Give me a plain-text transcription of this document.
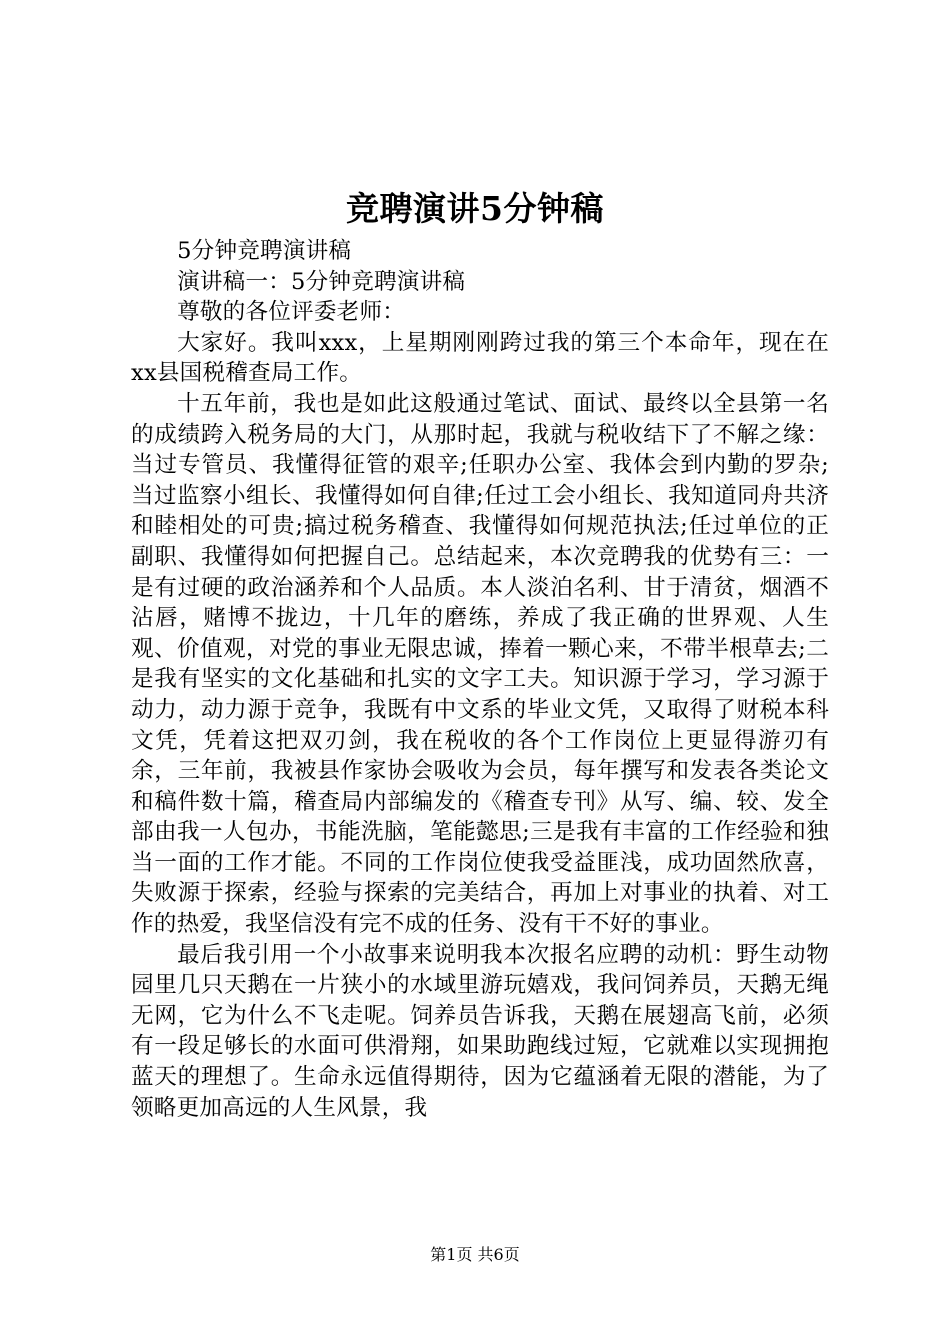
竞聘演讲5分钟稿

5分钟竞聘演讲稿

演讲稿一：5分钟竞聘演讲稿

尊敬的各位评委老师：

大家好。我叫xxx，上星期刚刚跨过我的第三个本命年，现在在xx县国税稽查局工作。

十五年前，我也是如此这般通过笔试、面试、最终以全县第一名的成绩跨入税务局的大门，从那时起，我就与税收结下了不解之缘：当过专管员、我懂得征管的艰辛;任职办公室、我体会到内勤的罗杂;当过监察小组长、我懂得如何自律;任过工会小组长、我知道同舟共济和睦相处的可贵;搞过税务稽查、我懂得如何规范执法;任过单位的正副职、我懂得如何把握自己。总结起来，本次竞聘我的优势有三：一是有过硬的政治涵养和个人品质。本人淡泊名利、甘于清贫，烟酒不沾唇，赌博不拢边，十几年的磨练，养成了我正确的世界观、人生观、价值观，对党的事业无限忠诚，捧着一颗心来，不带半根草去;二是我有坚实的文化基础和扎实的文字工夫。知识源于学习，学习源于动力，动力源于竞争，我既有中文系的毕业文凭，又取得了财税本科文凭，凭着这把双刃剑，我在税收的各个工作岗位上更显得游刃有余，三年前，我被县作家协会吸收为会员，每年撰写和发表各类论文和稿件数十篇，稽查局内部编发的《稽查专刊》从写、编、较、发全部由我一人包办，书能洗脑，笔能懿思;三是我有丰富的工作经验和独当一面的工作才能。不同的工作岗位使我受益匪浅，成功固然欣喜，失败源于探索，经验与探索的完美结合，再加上对事业的执着、对工作的热爱，我坚信没有完不成的任务、没有干不好的事业。

最后我引用一个小故事来说明我本次报名应聘的动机：野生动物园里几只天鹅在一片狭小的水域里游玩嬉戏，我问饲养员，天鹅无绳无网，它为什么不飞走呢。饲养员告诉我，天鹅在展翅高飞前，必须有一段足够长的水面可供滑翔，如果助跑线过短，它就难以实现拥抱蓝天的理想了。生命永远值得期待，因为它蕴涵着无限的潜能，为了领略更加高远的人生风景，我

第1页 共6页
